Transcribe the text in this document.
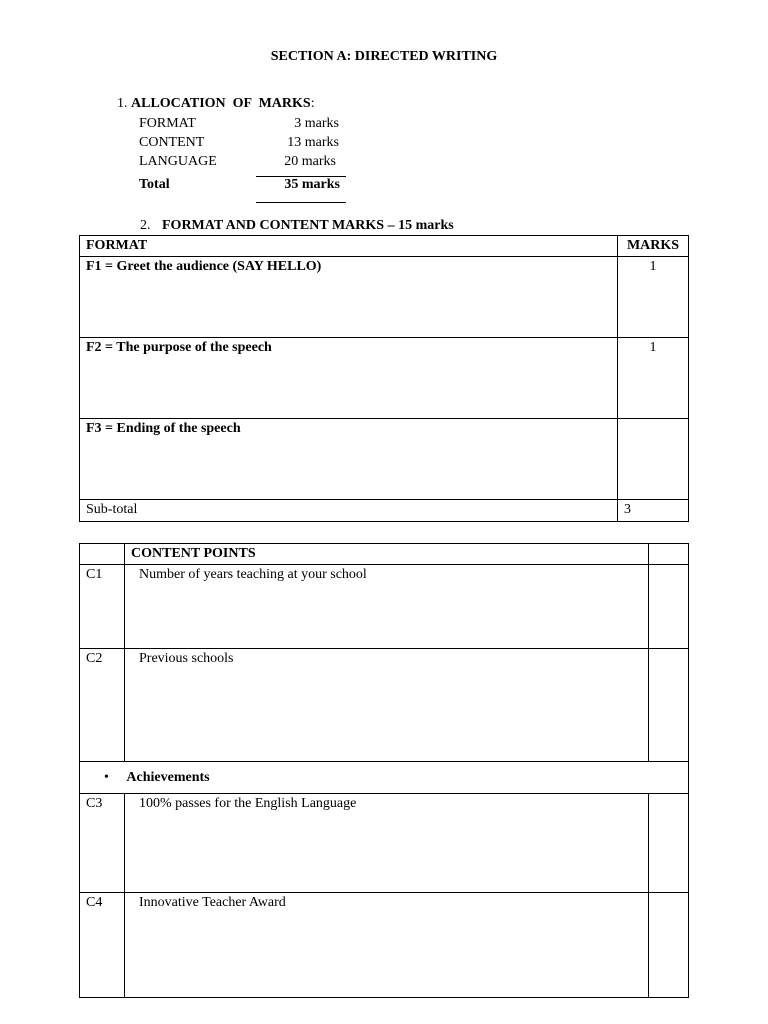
SECTION A: DIRECTED WRITING
1. ALLOCATION  OF  MARKS:
FORMAT	3 marks
CONTENT	13 marks
LANGUAGE	20 marks
Total	35 marks
2. FORMAT AND CONTENT MARKS – 15 marks
FORMAT	MARKS
F1 = Greet the audience (SAY HELLO)	1
F2 = The purpose of the speech	1
F3 = Ending of the speech	
Sub-total	3
	CONTENT POINTS	
C1	Number of years teaching at your school	
C2	Previous schools	
• Achievements		
C3	100% passes for the English Language	
C4	Innovative Teacher Award	
